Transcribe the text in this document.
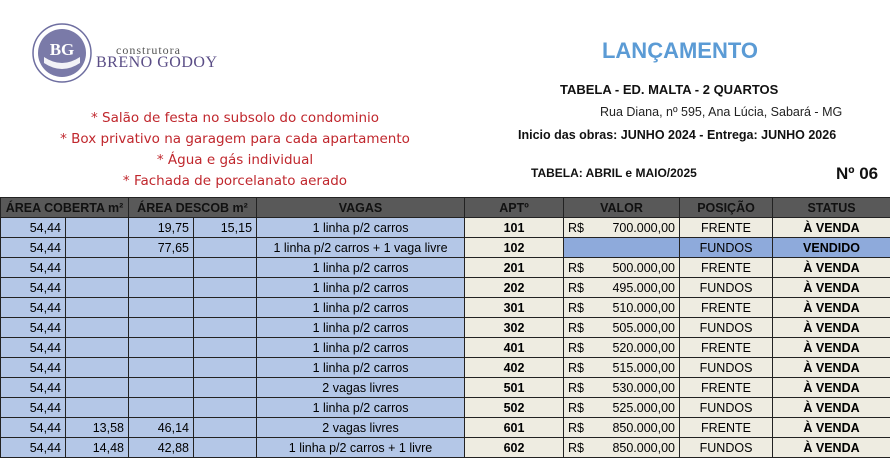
BG	construtora
BRENO GODOY
* Salão de festa no subsolo do condominio
* Box privativo na garagem para cada apartamento
* Água e gás individual
* Fachada de porcelanato aerado
LANÇAMENTO
TABELA - ED. MALTA - 2 QUARTOS
Rua Diana, nº 595, Ana Lúcia, Sabará - MG
Inicio das obras: JUNHO 2024 - Entrega: JUNHO 2026
TABELA: ABRIL e MAIO/2025	Nº 06
ÁREA COBERTA m²		ÁREA DESCOB m²		VAGAS	APTº	VALOR	POSIÇÃO	STATUS
54,44		19,75	15,15	1 linha p/2 carros	101	R$ 700.000,00	FRENTE	À VENDA
54,44		77,65		1 linha p/2 carros + 1 vaga livre	102		FUNDOS	VENDIDO
54,44				1 linha p/2 carros	201	R$ 500.000,00	FRENTE	À VENDA
54,44				1 linha p/2 carros	202	R$ 495.000,00	FUNDOS	À VENDA
54,44				1 linha p/2 carros	301	R$ 510.000,00	FRENTE	À VENDA
54,44				1 linha p/2 carros	302	R$ 505.000,00	FUNDOS	À VENDA
54,44				1 linha p/2 carros	401	R$ 520.000,00	FRENTE	À VENDA
54,44				1 linha p/2 carros	402	R$ 515.000,00	FUNDOS	À VENDA
54,44				2 vagas livres	501	R$ 530.000,00	FRENTE	À VENDA
54,44				1 linha p/2 carros	502	R$ 525.000,00	FUNDOS	À VENDA
54,44	13,58	46,14		2 vagas livres	601	R$ 850.000,00	FRENTE	À VENDA
54,44	14,48	42,88		1 linha p/2 carros + 1 livre	602	R$ 850.000,00	FUNDOS	À VENDA
